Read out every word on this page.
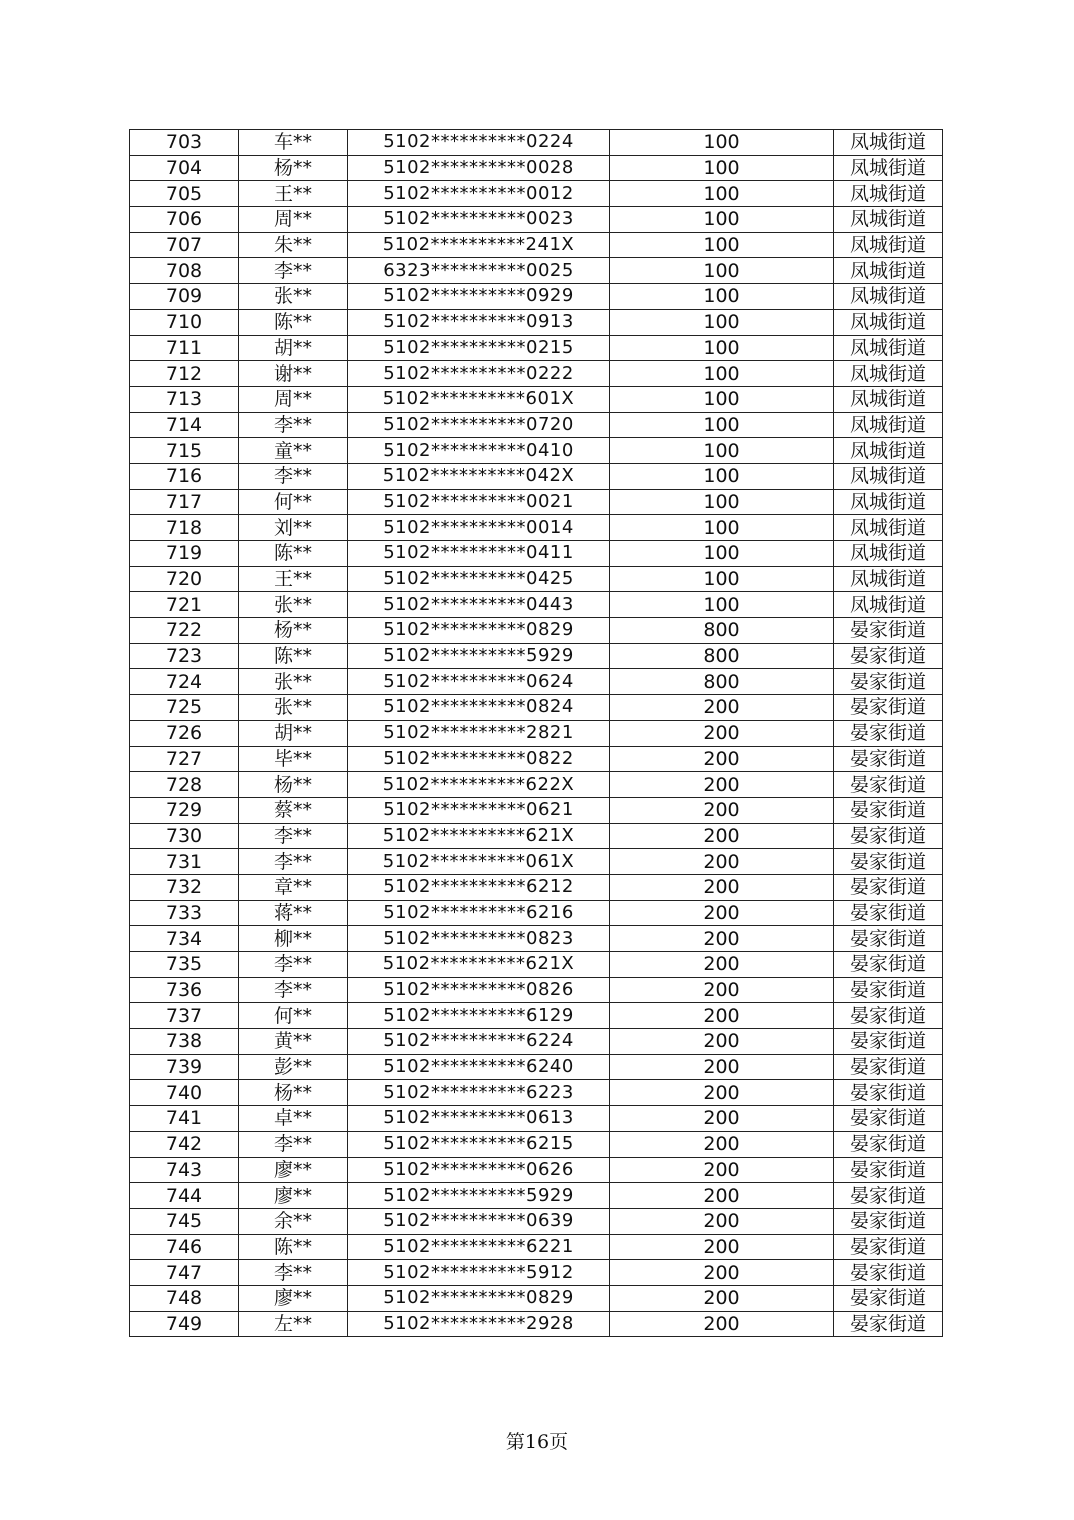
703	车**	5102**********0224	100	凤城街道
704	杨**	5102**********0028	100	凤城街道
705	王**	5102**********0012	100	凤城街道
706	周**	5102**********0023	100	凤城街道
707	朱**	5102**********241X	100	凤城街道
708	李**	6323**********0025	100	凤城街道
709	张**	5102**********0929	100	凤城街道
710	陈**	5102**********0913	100	凤城街道
711	胡**	5102**********0215	100	凤城街道
712	谢**	5102**********0222	100	凤城街道
713	周**	5102**********601X	100	凤城街道
714	李**	5102**********0720	100	凤城街道
715	童**	5102**********0410	100	凤城街道
716	李**	5102**********042X	100	凤城街道
717	何**	5102**********0021	100	凤城街道
718	刘**	5102**********0014	100	凤城街道
719	陈**	5102**********0411	100	凤城街道
720	王**	5102**********0425	100	凤城街道
721	张**	5102**********0443	100	凤城街道
722	杨**	5102**********0829	800	晏家街道
723	陈**	5102**********5929	800	晏家街道
724	张**	5102**********0624	800	晏家街道
725	张**	5102**********0824	200	晏家街道
726	胡**	5102**********2821	200	晏家街道
727	毕**	5102**********0822	200	晏家街道
728	杨**	5102**********622X	200	晏家街道
729	蔡**	5102**********0621	200	晏家街道
730	李**	5102**********621X	200	晏家街道
731	李**	5102**********061X	200	晏家街道
732	章**	5102**********6212	200	晏家街道
733	蒋**	5102**********6216	200	晏家街道
734	柳**	5102**********0823	200	晏家街道
735	李**	5102**********621X	200	晏家街道
736	李**	5102**********0826	200	晏家街道
737	何**	5102**********6129	200	晏家街道
738	黄**	5102**********6224	200	晏家街道
739	彭**	5102**********6240	200	晏家街道
740	杨**	5102**********6223	200	晏家街道
741	卓**	5102**********0613	200	晏家街道
742	李**	5102**********6215	200	晏家街道
743	廖**	5102**********0626	200	晏家街道
744	廖**	5102**********5929	200	晏家街道
745	余**	5102**********0639	200	晏家街道
746	陈**	5102**********6221	200	晏家街道
747	李**	5102**********5912	200	晏家街道
748	廖**	5102**********0829	200	晏家街道
749	左**	5102**********2928	200	晏家街道
第16页
